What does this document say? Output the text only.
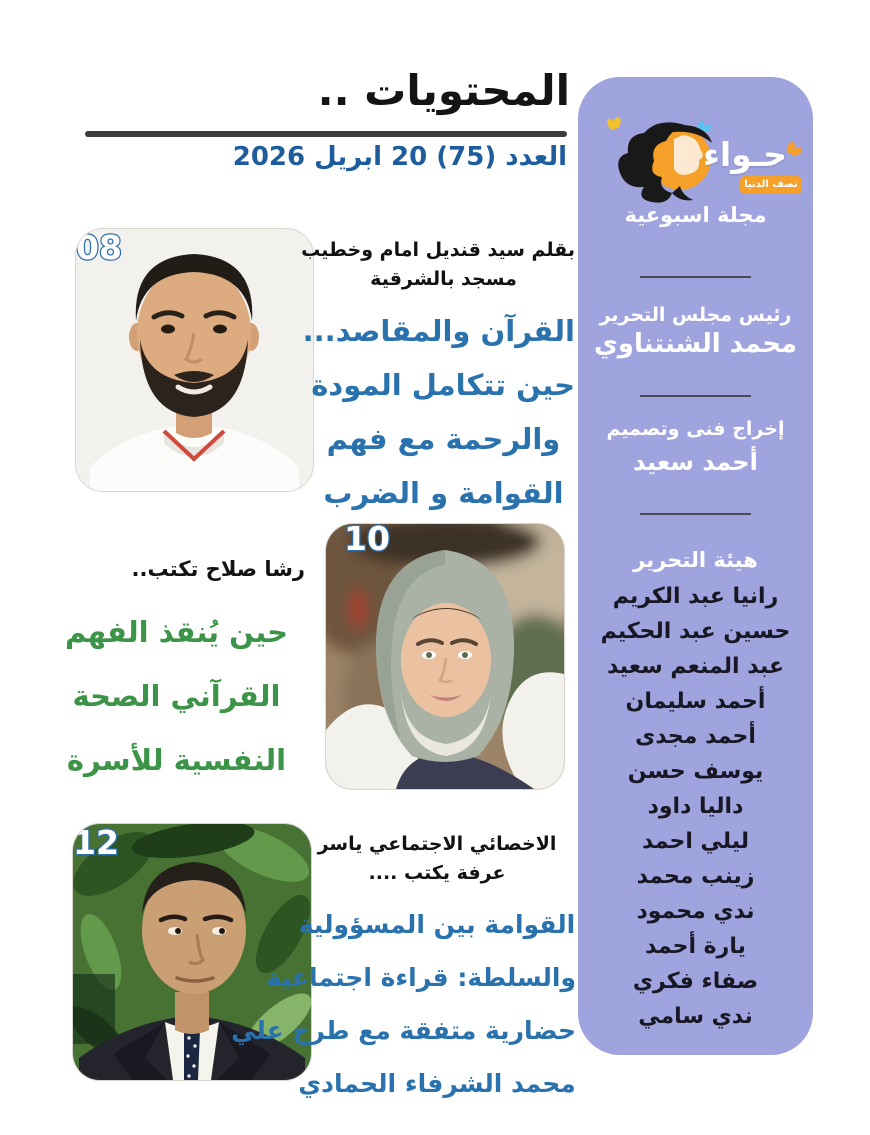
المحتويات ..
العدد (75) 20 ابريل 2026	حـواء
نصف الدنيا
مجلة اسبوعية
رئيس مجلس التحرير
محمد الشنتناوي
إخراج فنى وتصميم
أحمد سعيد
هيئة التحرير
رانيا عبد الكريم
حسين عبد الحكيم
عبد المنعم سعيد
أحمد سليمان
أحمد مجدى
يوسف حسن
داليا داود
ليلي احمد
زينب محمد
ندي محمود
يارة أحمد
صفاء فكري
ندي سامي
08	بقلم سيد قنديل امام وخطيب
مسجد بالشرقية
القرآن والمقاصد...
حين تتكامل المودة
والرحمة مع فهم
القوامة و الضرب
رشا صلاح تكتب..
حين يُنقذ الفهم
القرآني الصحة
النفسية للأسرة
10
12	الاخصائي الاجتماعي ياسر
عرفة يكتب ....
القوامة بين المسؤولية
والسلطة: قراءة اجتماعية
حضارية متفقة مع طرح علي
محمد الشرفاء الحمادي
